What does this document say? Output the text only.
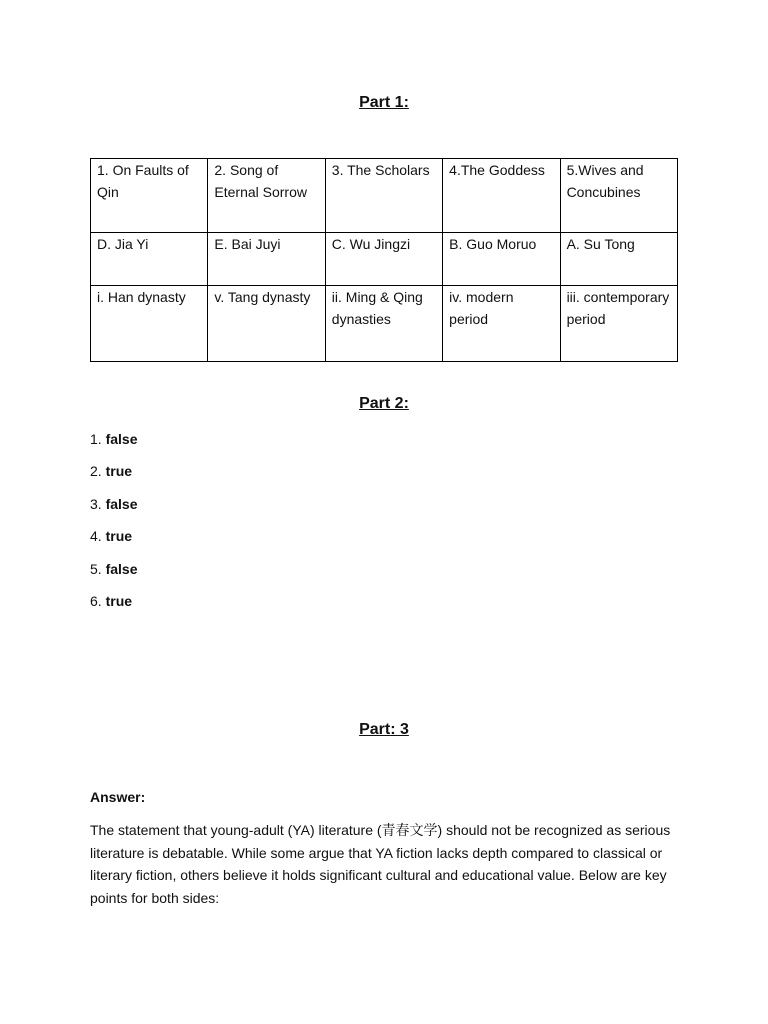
Part 1:
1. On Faults of Qin	2. Song of Eternal Sorrow	3. The Scholars	4.The Goddess	5.Wives and Concubines
D. Jia Yi	E. Bai Juyi	C. Wu Jingzi	B. Guo Moruo	A. Su Tong
i. Han dynasty	v. Tang dynasty	ii. Ming & Qing dynasties	iv. modern period	iii. contemporary period
Part 2:
1. false
2. true
3. false
4. true
5. false
6. true
Part: 3
Answer:
The statement that young-adult (YA) literature (青春文学) should not be recognized as serious literature is debatable. While some argue that YA fiction lacks depth compared to classical or literary fiction, others believe it holds significant cultural and educational value. Below are key points for both sides:
